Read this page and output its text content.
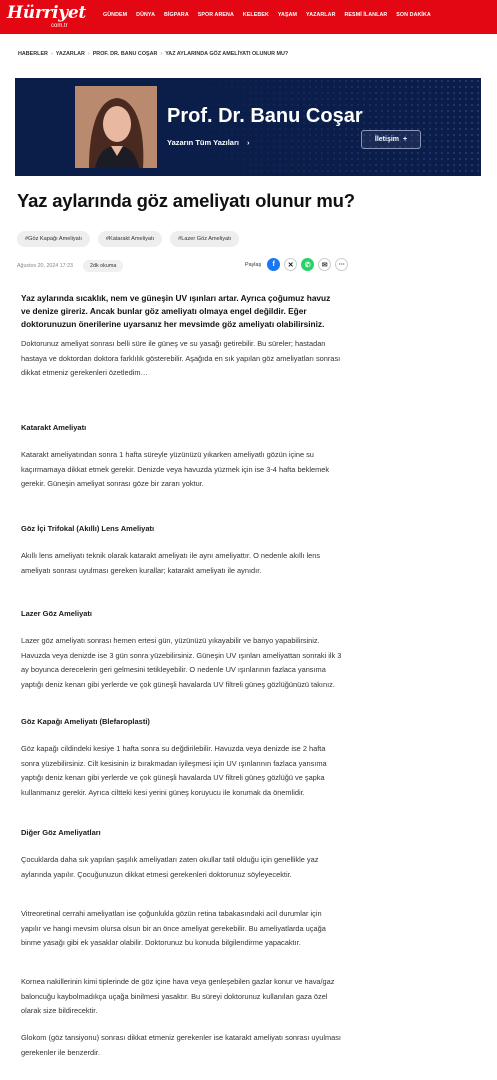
Hürriyet
com.tr
GÜNDEM DÜNYA BİGPARA SPOR ARENA KELEBEK YAŞAM YAZARLAR RESMİ İLANLAR SON DAKİKA
HABERLER › YAZARLAR › PROF. DR. BANU COŞAR › YAZ AYLARINDA GÖZ AMELİYATI OLUNUR MU?
Prof. Dr. Banu Coşar
Yazarın Tüm Yazıları ›	İletişim +
Yaz aylarında göz ameliyatı olunur mu?
#Göz Kapağı Ameliyatı	#Katarakt Ameliyatı	#Lazer Göz Ameliyatı
Ağustos 20, 2024 17:23	2dk okuma	Paylaş	f	✕	✆	✉	⋯

Yaz aylarında sıcaklık, nem ve güneşin UV ışınları artar. Ayrıca çoğumuz havuz ve denize gireriz. Ancak bunlar göz ameliyatı olmaya engel değildir. Eğer doktorunuzun önerilerine uyarsanız her mevsimde göz ameliyatı olabilirsiniz.

Doktorunuz ameliyat sonrası belli süre ile güneş ve su yasağı getirebilir. Bu süreler; hastadan hastaya ve doktordan doktora farklılık gösterebilir. Aşağıda en sık yapılan göz ameliyatları sonrası dikkat etmeniz gerekenleri özetledim…

Katarakt Ameliyatı

Katarakt ameliyatından sonra 1 hafta süreyle yüzünüzü yıkarken ameliyatlı gözün içine su kaçırmamaya dikkat etmek gerekir. Denizde veya havuzda yüzmek için ise 3-4 hafta beklemek gerekir. Güneşin ameliyat sonrası göze bir zararı yoktur.

Göz İçi Trifokal (Akıllı) Lens Ameliyatı

Akıllı lens ameliyatı teknik olarak katarakt ameliyatı ile aynı ameliyattır. O nedenle akıllı lens ameliyatı sonrası uyulması gereken kurallar; katarakt ameliyatı ile aynıdır.

Lazer Göz Ameliyatı

Lazer göz ameliyatı sonrası hemen ertesi gün, yüzünüzü yıkayabilir ve banyo yapabilirsiniz. Havuzda veya denizde ise 3 gün sonra yüzebilirsiniz. Güneşin UV ışınları ameliyattan sonraki ilk 3 ay boyunca derecelerin geri gelmesini tetikleyebilir. O nedenle UV ışınlarının fazlaca yansıma yaptığı deniz kenarı gibi yerlerde ve çok güneşli havalarda UV filtreli güneş gözlüğünüzü takınız.

Göz Kapağı Ameliyatı (Blefaroplasti)

Göz kapağı cildindeki kesiye 1 hafta sonra su değdirilebilir. Havuzda veya denizde ise 2 hafta sonra yüzebilirsiniz. Cilt kesisinin iz bırakmadan iyileşmesi için UV ışınlarının fazlaca yansıma yaptığı deniz kenarı gibi yerlerde ve çok güneşli havalarda UV filtreli güneş gözlüğü ve şapka kullanmanız gerekir. Ayrıca ciltteki kesi yerini güneş koruyucu ile korumak da önemlidir.

Diğer Göz Ameliyatları

Çocuklarda daha sık yapılan şaşılık ameliyatları zaten okullar tatil olduğu için genellikle yaz aylarında yapılır. Çocuğunuzun dikkat etmesi gerekenleri doktorunuz söyleyecektir.

Vitreoretinal cerrahi ameliyatları ise çoğunlukla gözün retina tabakasındaki acil durumlar için yapılır ve hangi mevsim olursa olsun bir an önce ameliyat gerekebilir. Bu ameliyatlarda uçağa binme yasağı gibi ek yasaklar olabilir. Doktorunuz bu konuda bilgilendirme yapacaktır.

Kornea nakillerinin kimi tiplerinde de göz içine hava veya genleşebilen gazlar konur ve hava/gaz baloncuğu kaybolmadıkça uçağa binilmesi yasaktır. Bu süreyi doktorunuz kullanılan gaza özel olarak size bildirecektir.

Glokom (göz tansiyonu) sonrası dikkat etmeniz gerekenler ise katarakt ameliyatı sonrası uyulması gerekenler ile benzerdir.
